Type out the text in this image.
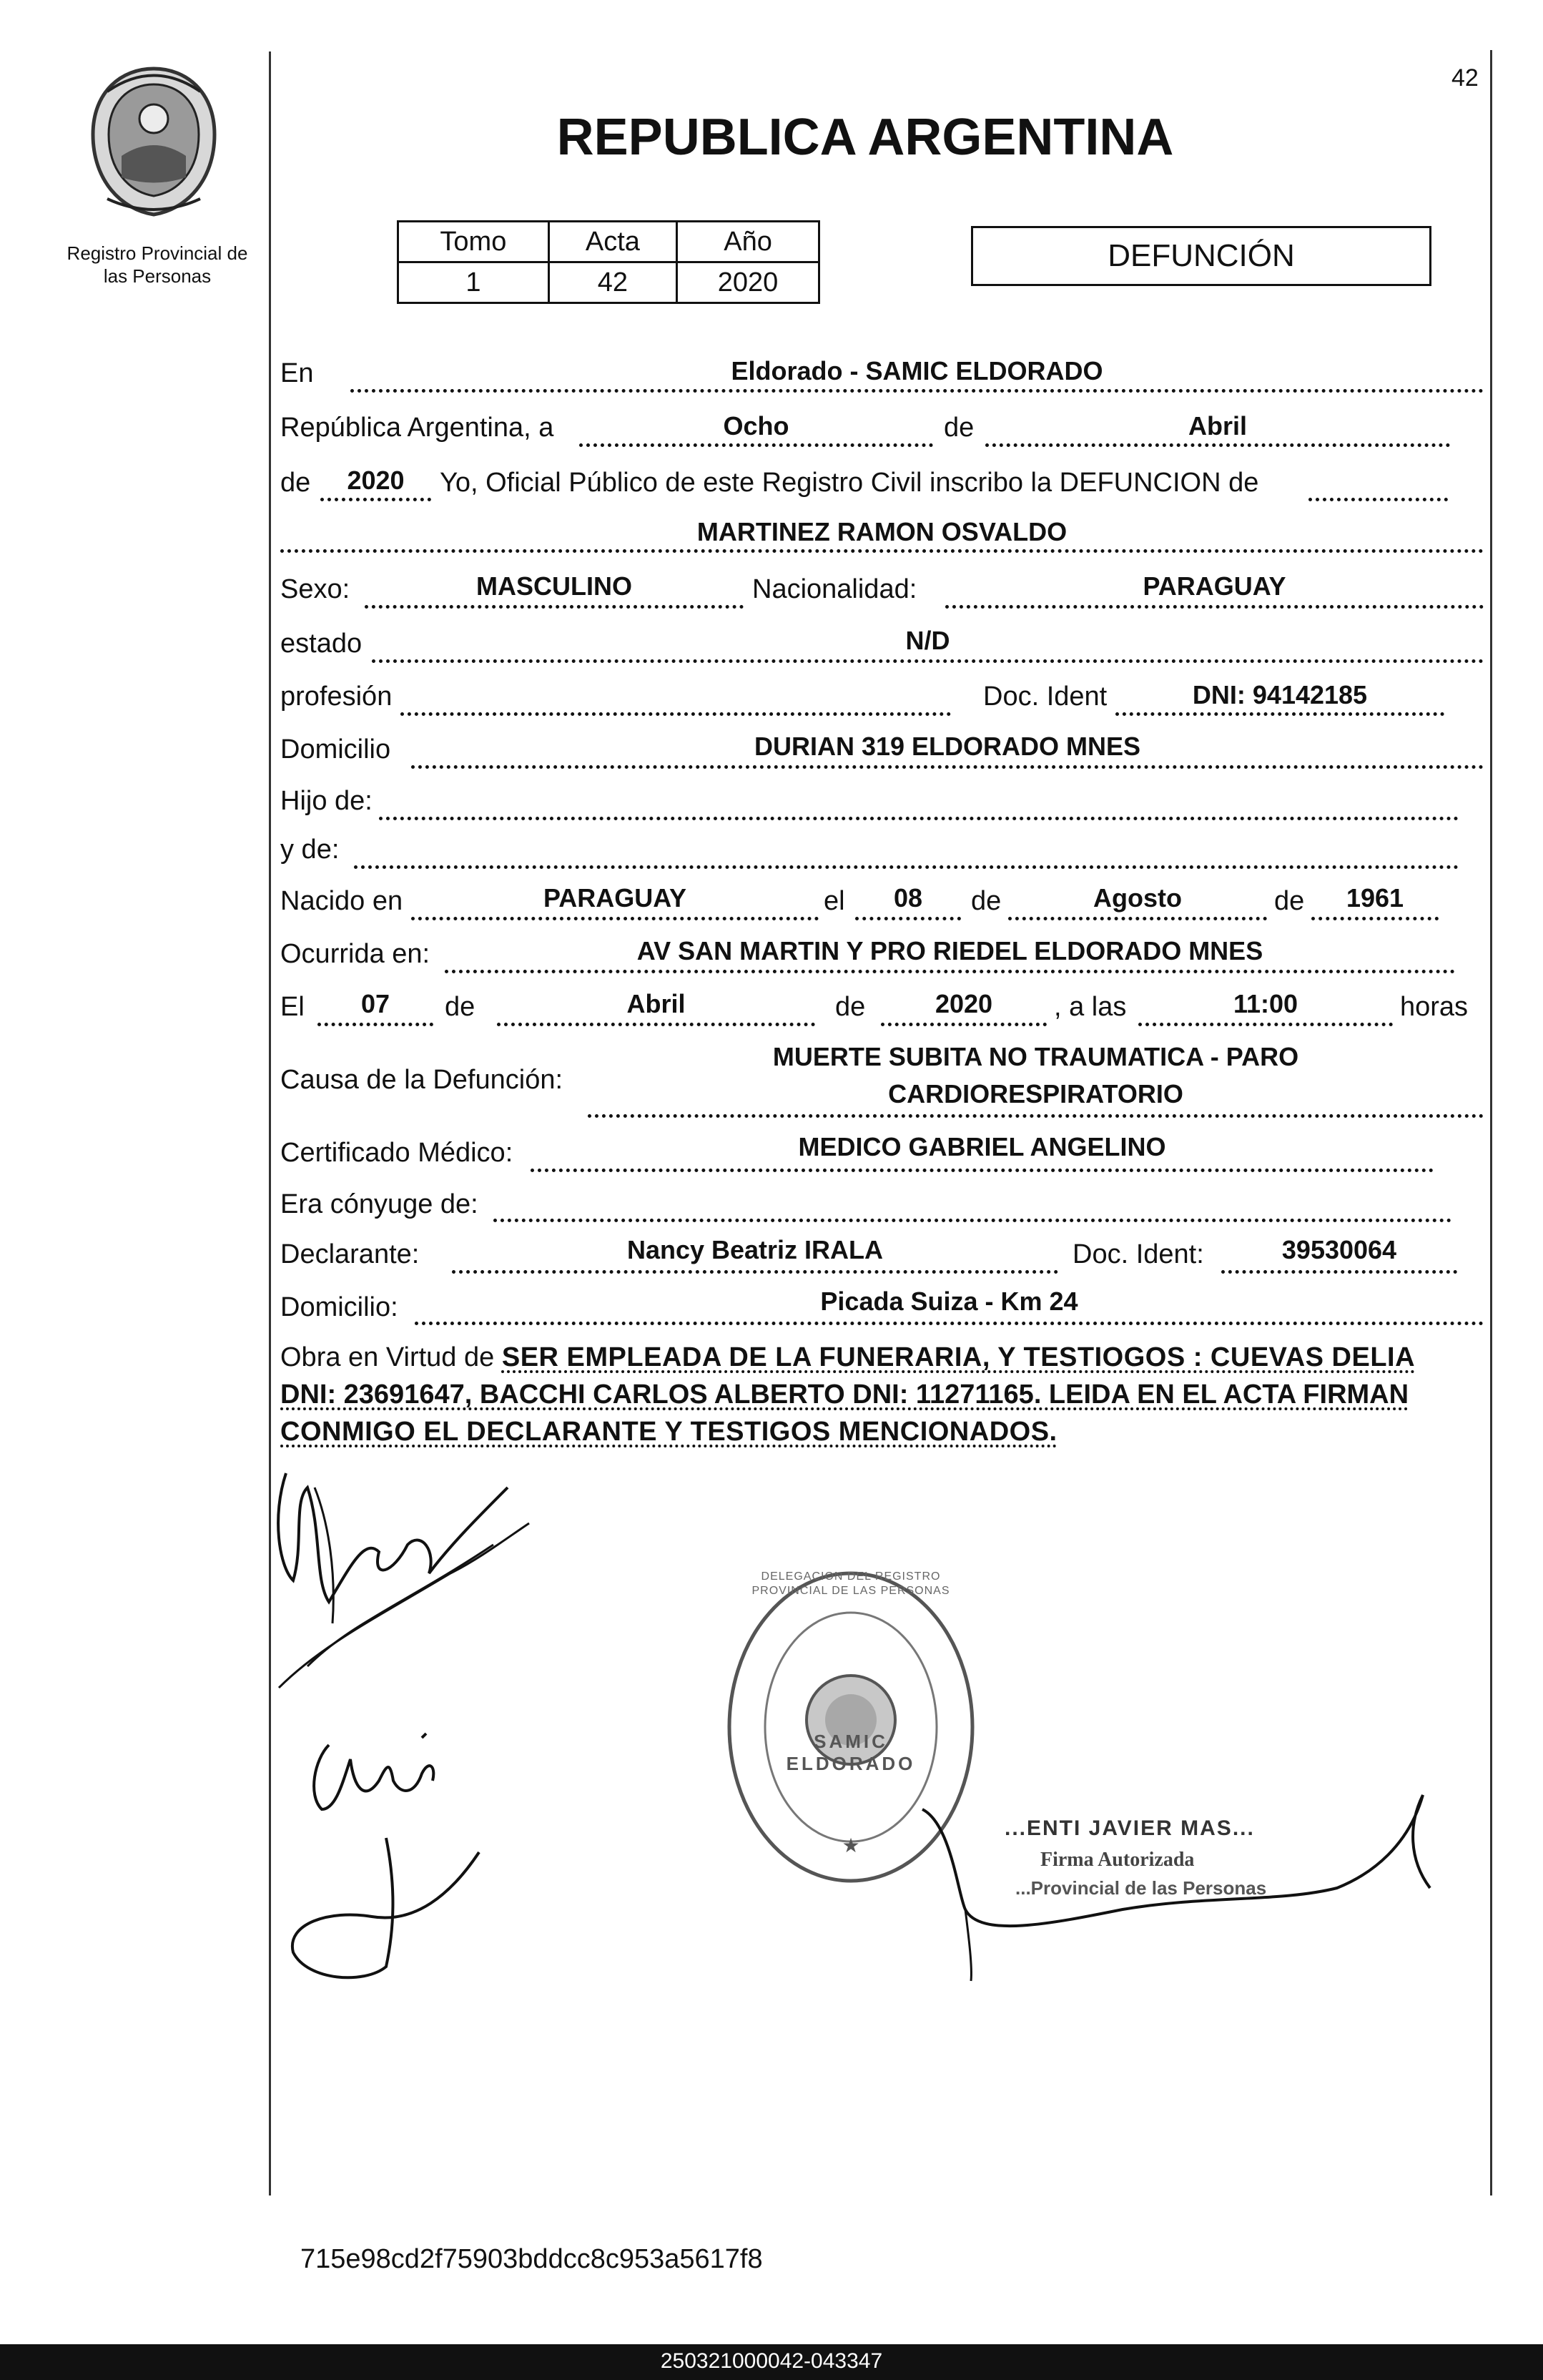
42
Registro Provincial de
las Personas
REPUBLICA ARGENTINA
Tomo	Acta	Año
1	42	2020
DEFUNCIÓN
En	Eldorado - SAMIC ELDORADO
República Argentina, a	Ocho	de	Abril
de	2020	Yo, Oficial Público de este Registro Civil inscribo la DEFUNCION de
MARTINEZ RAMON OSVALDO
Sexo:	MASCULINO	Nacionalidad:	PARAGUAY
estado	N/D
profesión	Doc. Ident	DNI: 94142185
Domicilio	DURIAN 319 ELDORADO MNES
Hijo de:
y de:
Nacido en	PARAGUAY	el	08	de	Agosto	de	1961
Ocurrida en:	AV SAN MARTIN Y PRO RIEDEL ELDORADO MNES
El	07	de	Abril	de	2020	, a las	11:00	horas
Causa de la Defunción:
MUERTE SUBITA NO TRAUMATICA - PARO
CARDIORESPIRATORIO
Certificado Médico:	MEDICO GABRIEL ANGELINO
Era cónyuge de:
Declarante:	Nancy Beatriz IRALA	Doc. Ident:	39530064
Domicilio:	Picada Suiza - Km 24
Obra en Virtud de SER EMPLEADA DE LA FUNERARIA, Y TESTIOGOS : CUEVAS DELIA
DNI: 23691647, BACCHI CARLOS ALBERTO DNI: 11271165. LEIDA EN EL ACTA FIRMAN
CONMIGO EL DECLARANTE Y TESTIGOS MENCIONADOS.
★
DELEGACION DEL REGISTRO PROVINCIAL DE LAS PERSONAS
SAMIC ELDORADO
...ENTI JAVIER MAS...
Firma Autorizada
...Provincial de las Personas
715e98cd2f75903bddcc8c953a5617f8
250321000042-043347
